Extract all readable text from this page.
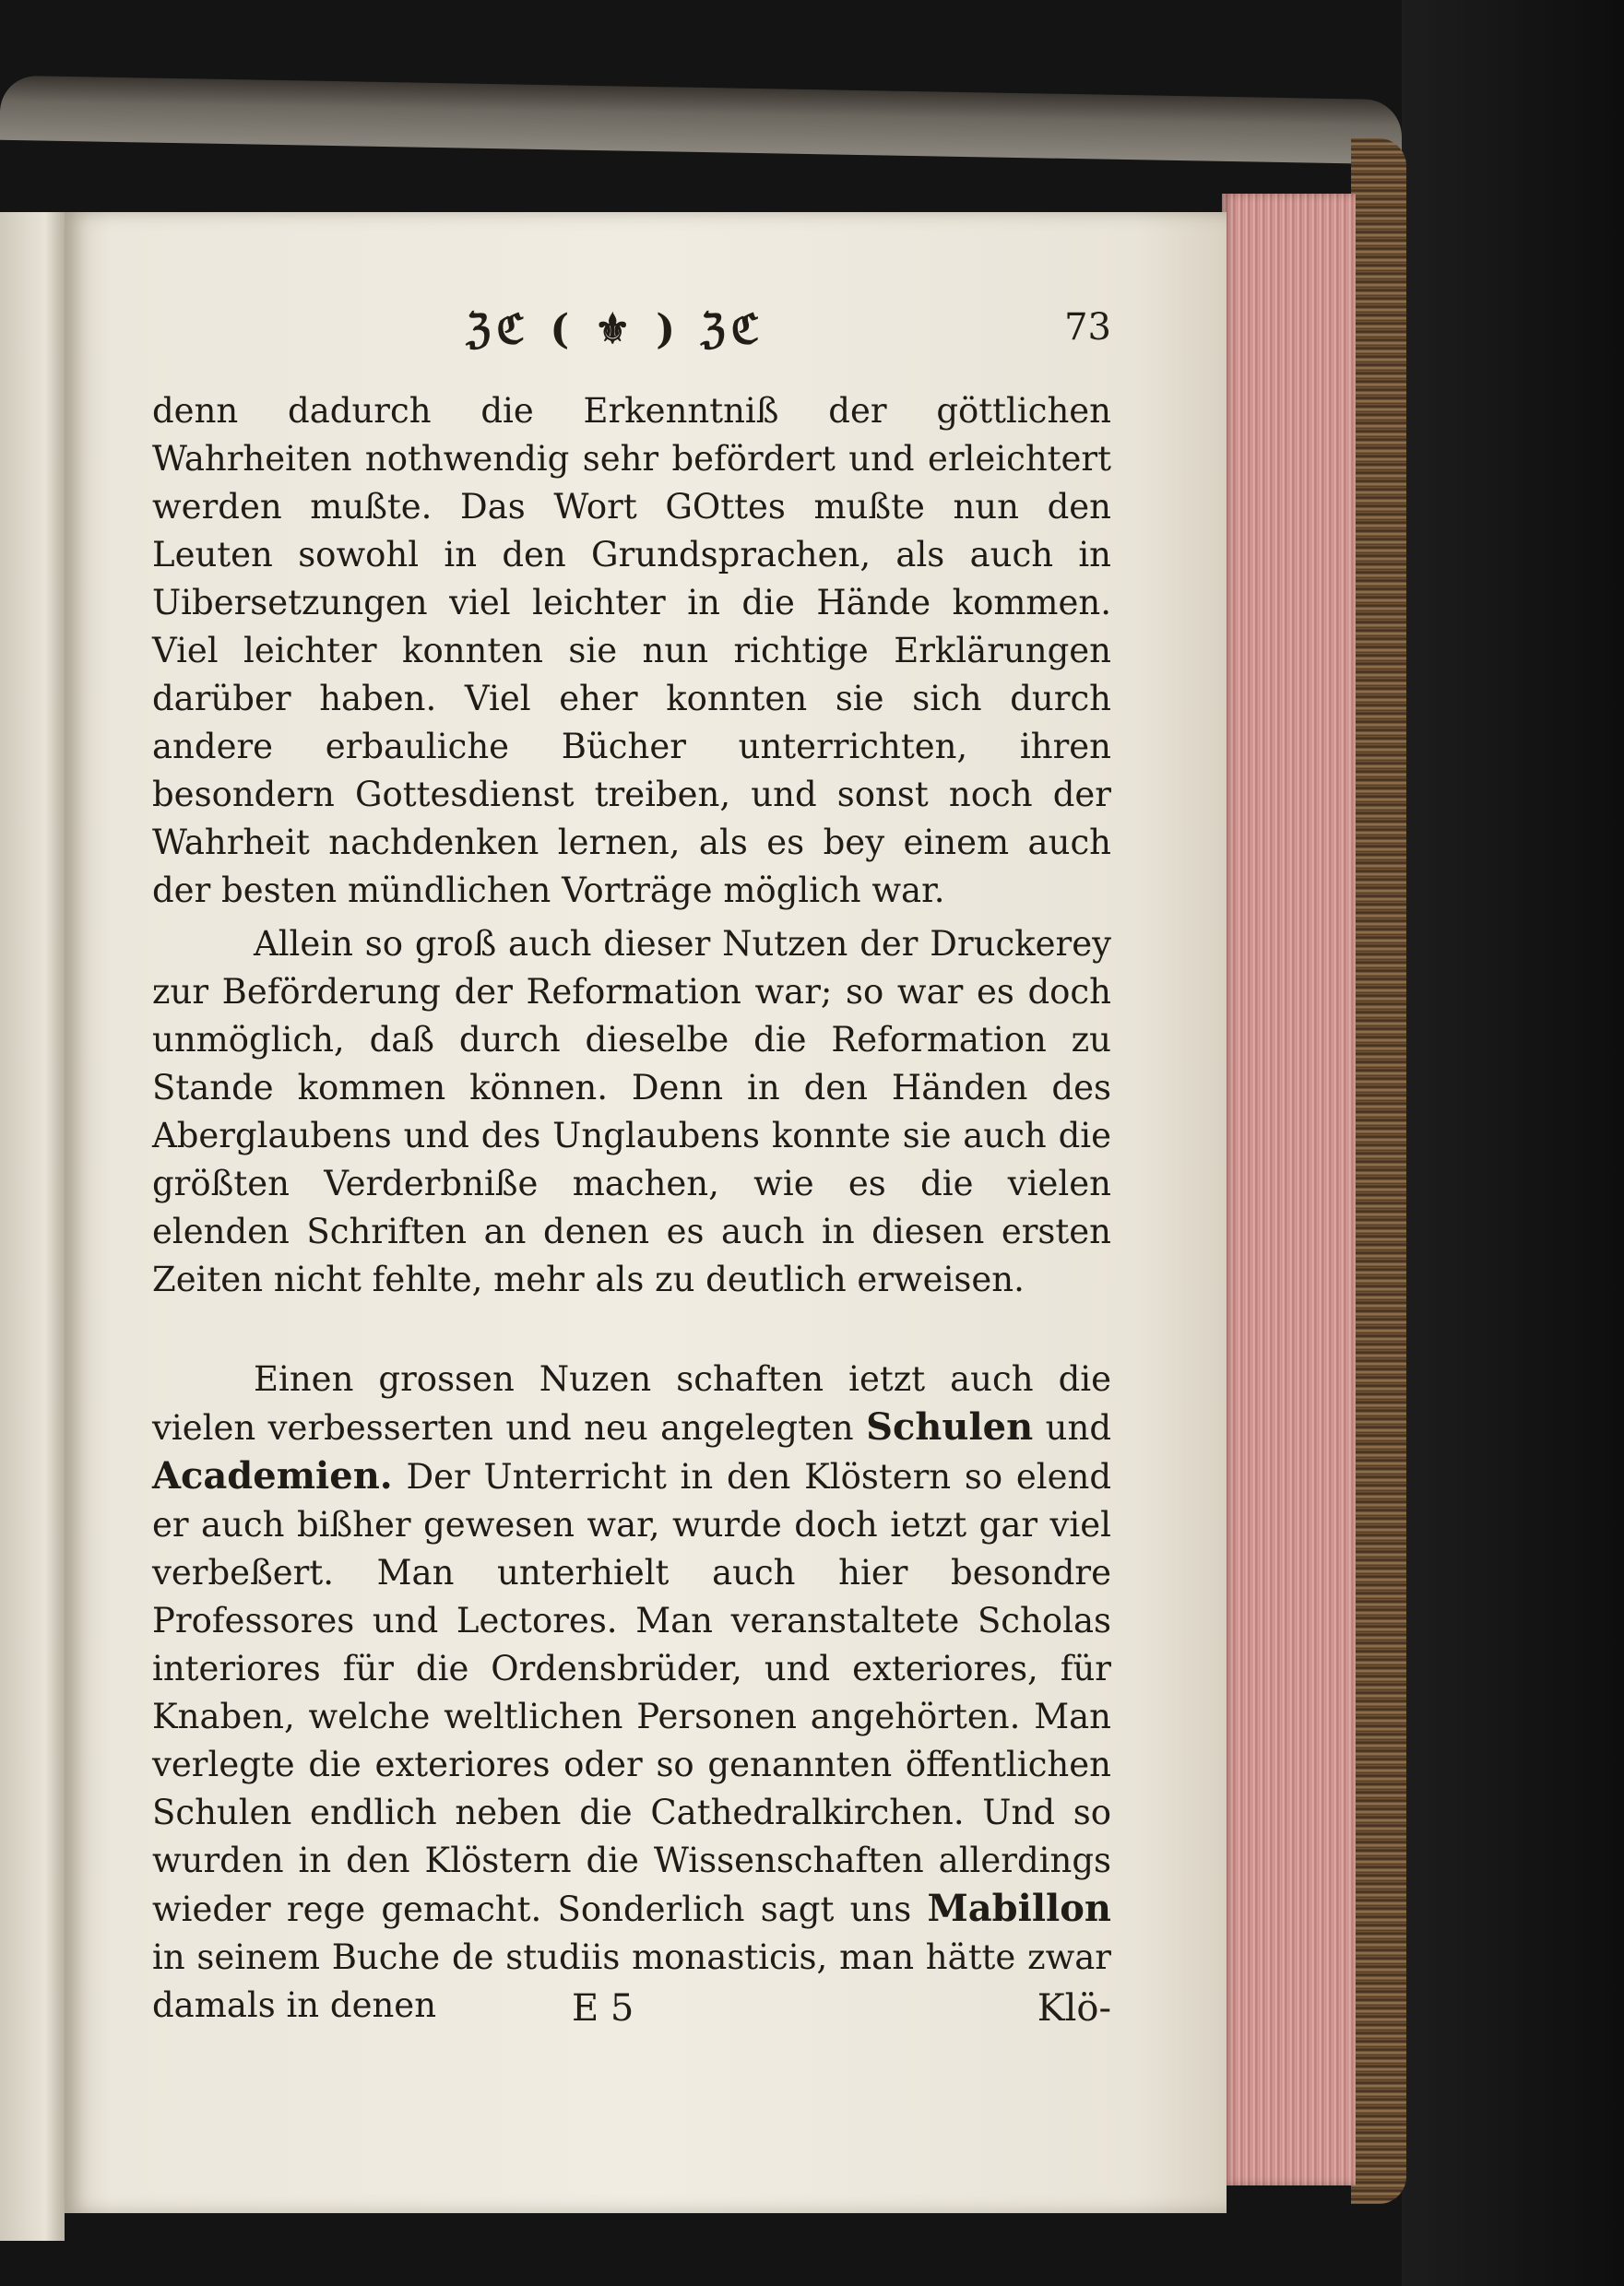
ℨℭ ( ⚜ ) ℨℭ	73

denn dadurch die Erkenntniß der göttlichen Wahrheiten nothwendig sehr befördert und erleichtert werden mußte. Das Wort GOttes mußte nun den Leuten sowohl in den Grundsprachen, als auch in Uibersetzungen viel leichter in die Hände kommen. Viel leichter konnten sie nun richtige Erklärungen darüber haben. Viel eher konnten sie sich durch andere erbauliche Bücher unterrichten, ihren besondern Gottesdienst treiben, und sonst noch der Wahrheit nachdenken lernen, als es bey einem auch der besten mündlichen Vorträge möglich war.

Allein so groß auch dieser Nutzen der Druckerey zur Beförderung der Reformation war; so war es doch unmöglich, daß durch dieselbe die Reformation zu Stande kommen können. Denn in den Händen des Aberglaubens und des Unglaubens konnte sie auch die größten Verderbniße machen, wie es die vielen elenden Schriften an denen es auch in diesen ersten Zeiten nicht fehlte, mehr als zu deutlich erweisen.

Einen grossen Nuzen schaften ietzt auch die vielen verbesserten und neu angelegten Schulen und Academien. Der Unterricht in den Klöstern so elend er auch bißher gewesen war, wurde doch ietzt gar viel verbeßert. Man unterhielt auch hier besondre Professores und Lectores. Man veranstaltete Scholas interiores für die Ordensbrüder, und exteriores, für Knaben, welche weltlichen Personen angehörten. Man verlegte die exteriores oder so genannten öffentlichen Schulen endlich neben die Cathedralkirchen. Und so wurden in den Klöstern die Wissenschaften allerdings wieder rege gemacht. Sonderlich sagt uns Mabillon in seinem Buche de studiis monasticis, man hätte zwar damals in denen	E 5	Klö-
